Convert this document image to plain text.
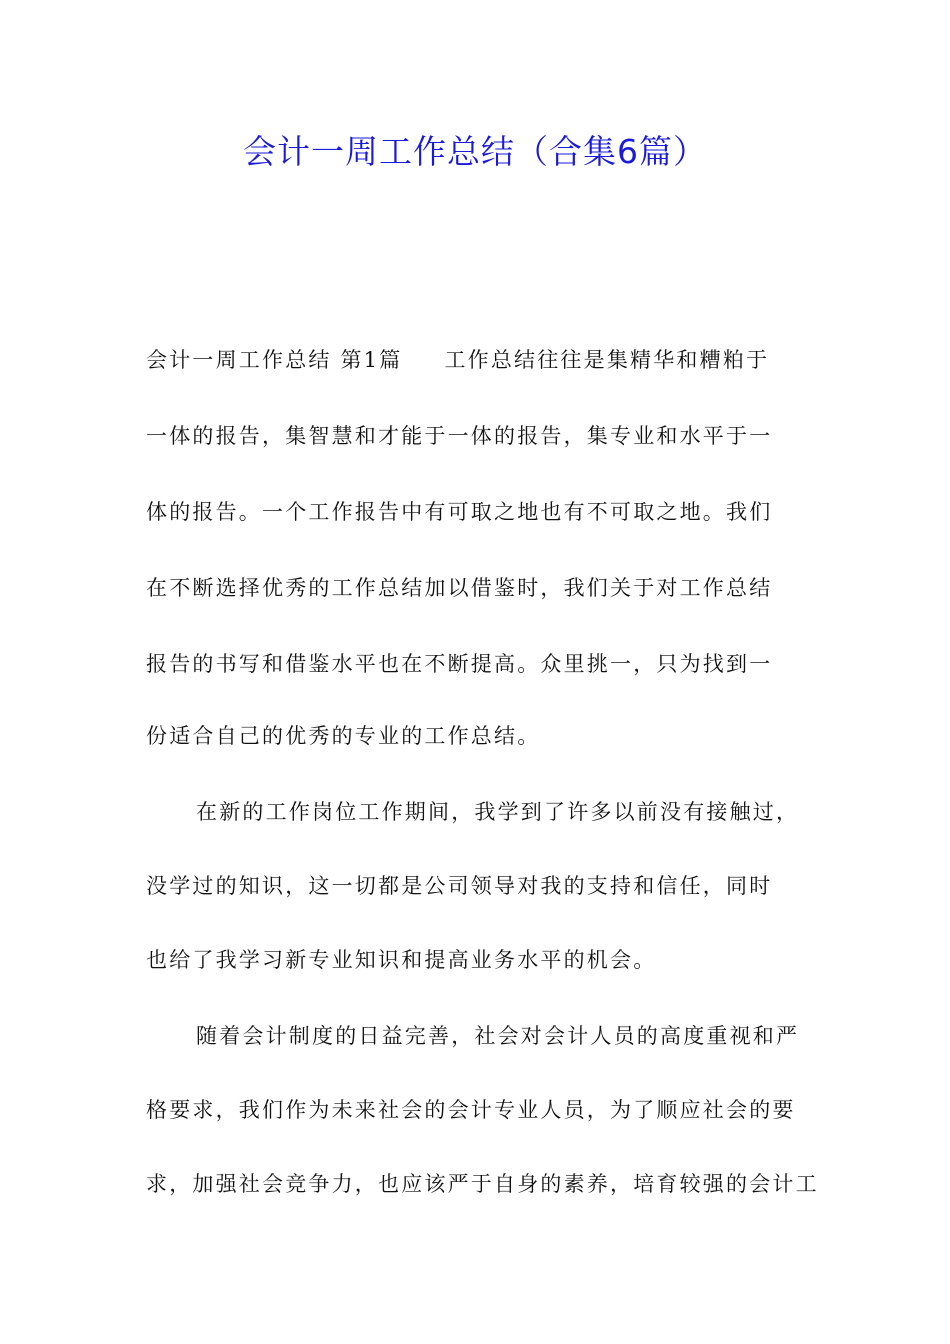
会计一周工作总结（合集6篇）
会计一周工作总结 第1篇 工作总结往往是集精华和糟粕于
一体的报告，集智慧和才能于一体的报告，集专业和水平于一
体的报告。一个工作报告中有可取之地也有不可取之地。我们
在不断选择优秀的工作总结加以借鉴时，我们关于对工作总结
报告的书写和借鉴水平也在不断提高。众里挑一，只为找到一
份适合自己的优秀的专业的工作总结。
在新的工作岗位工作期间，我学到了许多以前没有接触过，
没学过的知识，这一切都是公司领导对我的支持和信任，同时
也给了我学习新专业知识和提高业务水平的机会。
随着会计制度的日益完善，社会对会计人员的高度重视和严
格要求，我们作为未来社会的会计专业人员，为了顺应社会的要
求，加强社会竞争力，也应该严于自身的素养，培育较强的会计工
